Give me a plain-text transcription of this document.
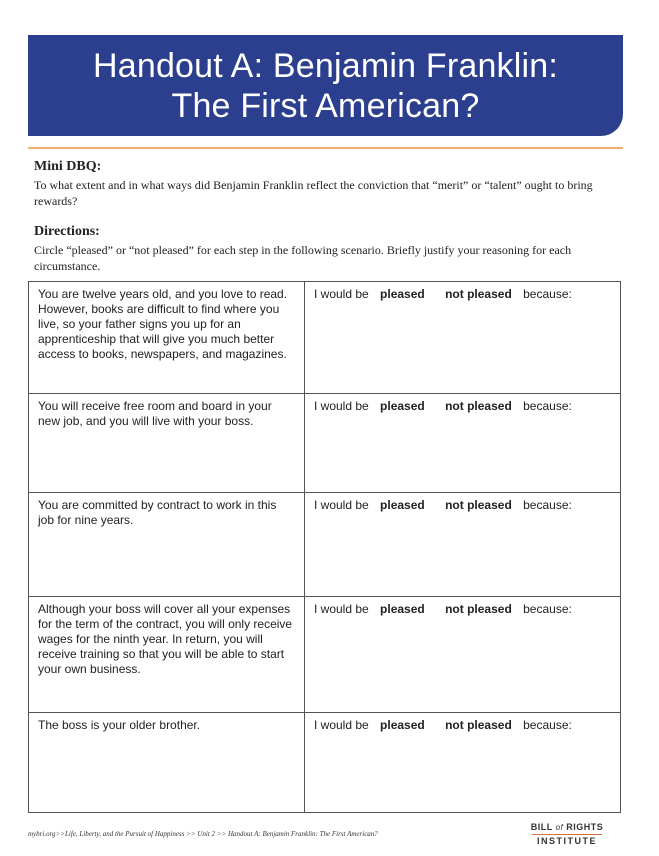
Handout A: Benjamin Franklin:
The First American?
Mini DBQ:
To what extent and in what ways did Benjamin Franklin reflect the conviction that “merit” or “talent” ought to bring rewards?
Directions:
Circle “pleased” or “not pleased” for each step in the following scenario. Briefly justify your reasoning for each circumstance.
You are twelve years old, and you love to read. However, books are difficult to find where you live, so your father signs you up for an apprenticeship that will give you much better access to books, newspapers, and magazines.
I would be pleased not pleased because:
You will receive free room and board in your new job, and you will live with your boss.
I would be pleased not pleased because:
You are committed by contract to work in this job for nine years.
I would be pleased not pleased because:
Although your boss will cover all your expenses for the term of the contract, you will only receive wages for the ninth year. In return, you will receive training so that you will be able to start your own business.
I would be pleased not pleased because:
The boss is your older brother.	I would be pleased not pleased because:
mybri.org>>Life, Liberty, and the Pursuit of Happiness >> Unit 2 >> Handout A: Benjamin Franklin: The First American?
BILL of RIGHTS
INSTITUTE
